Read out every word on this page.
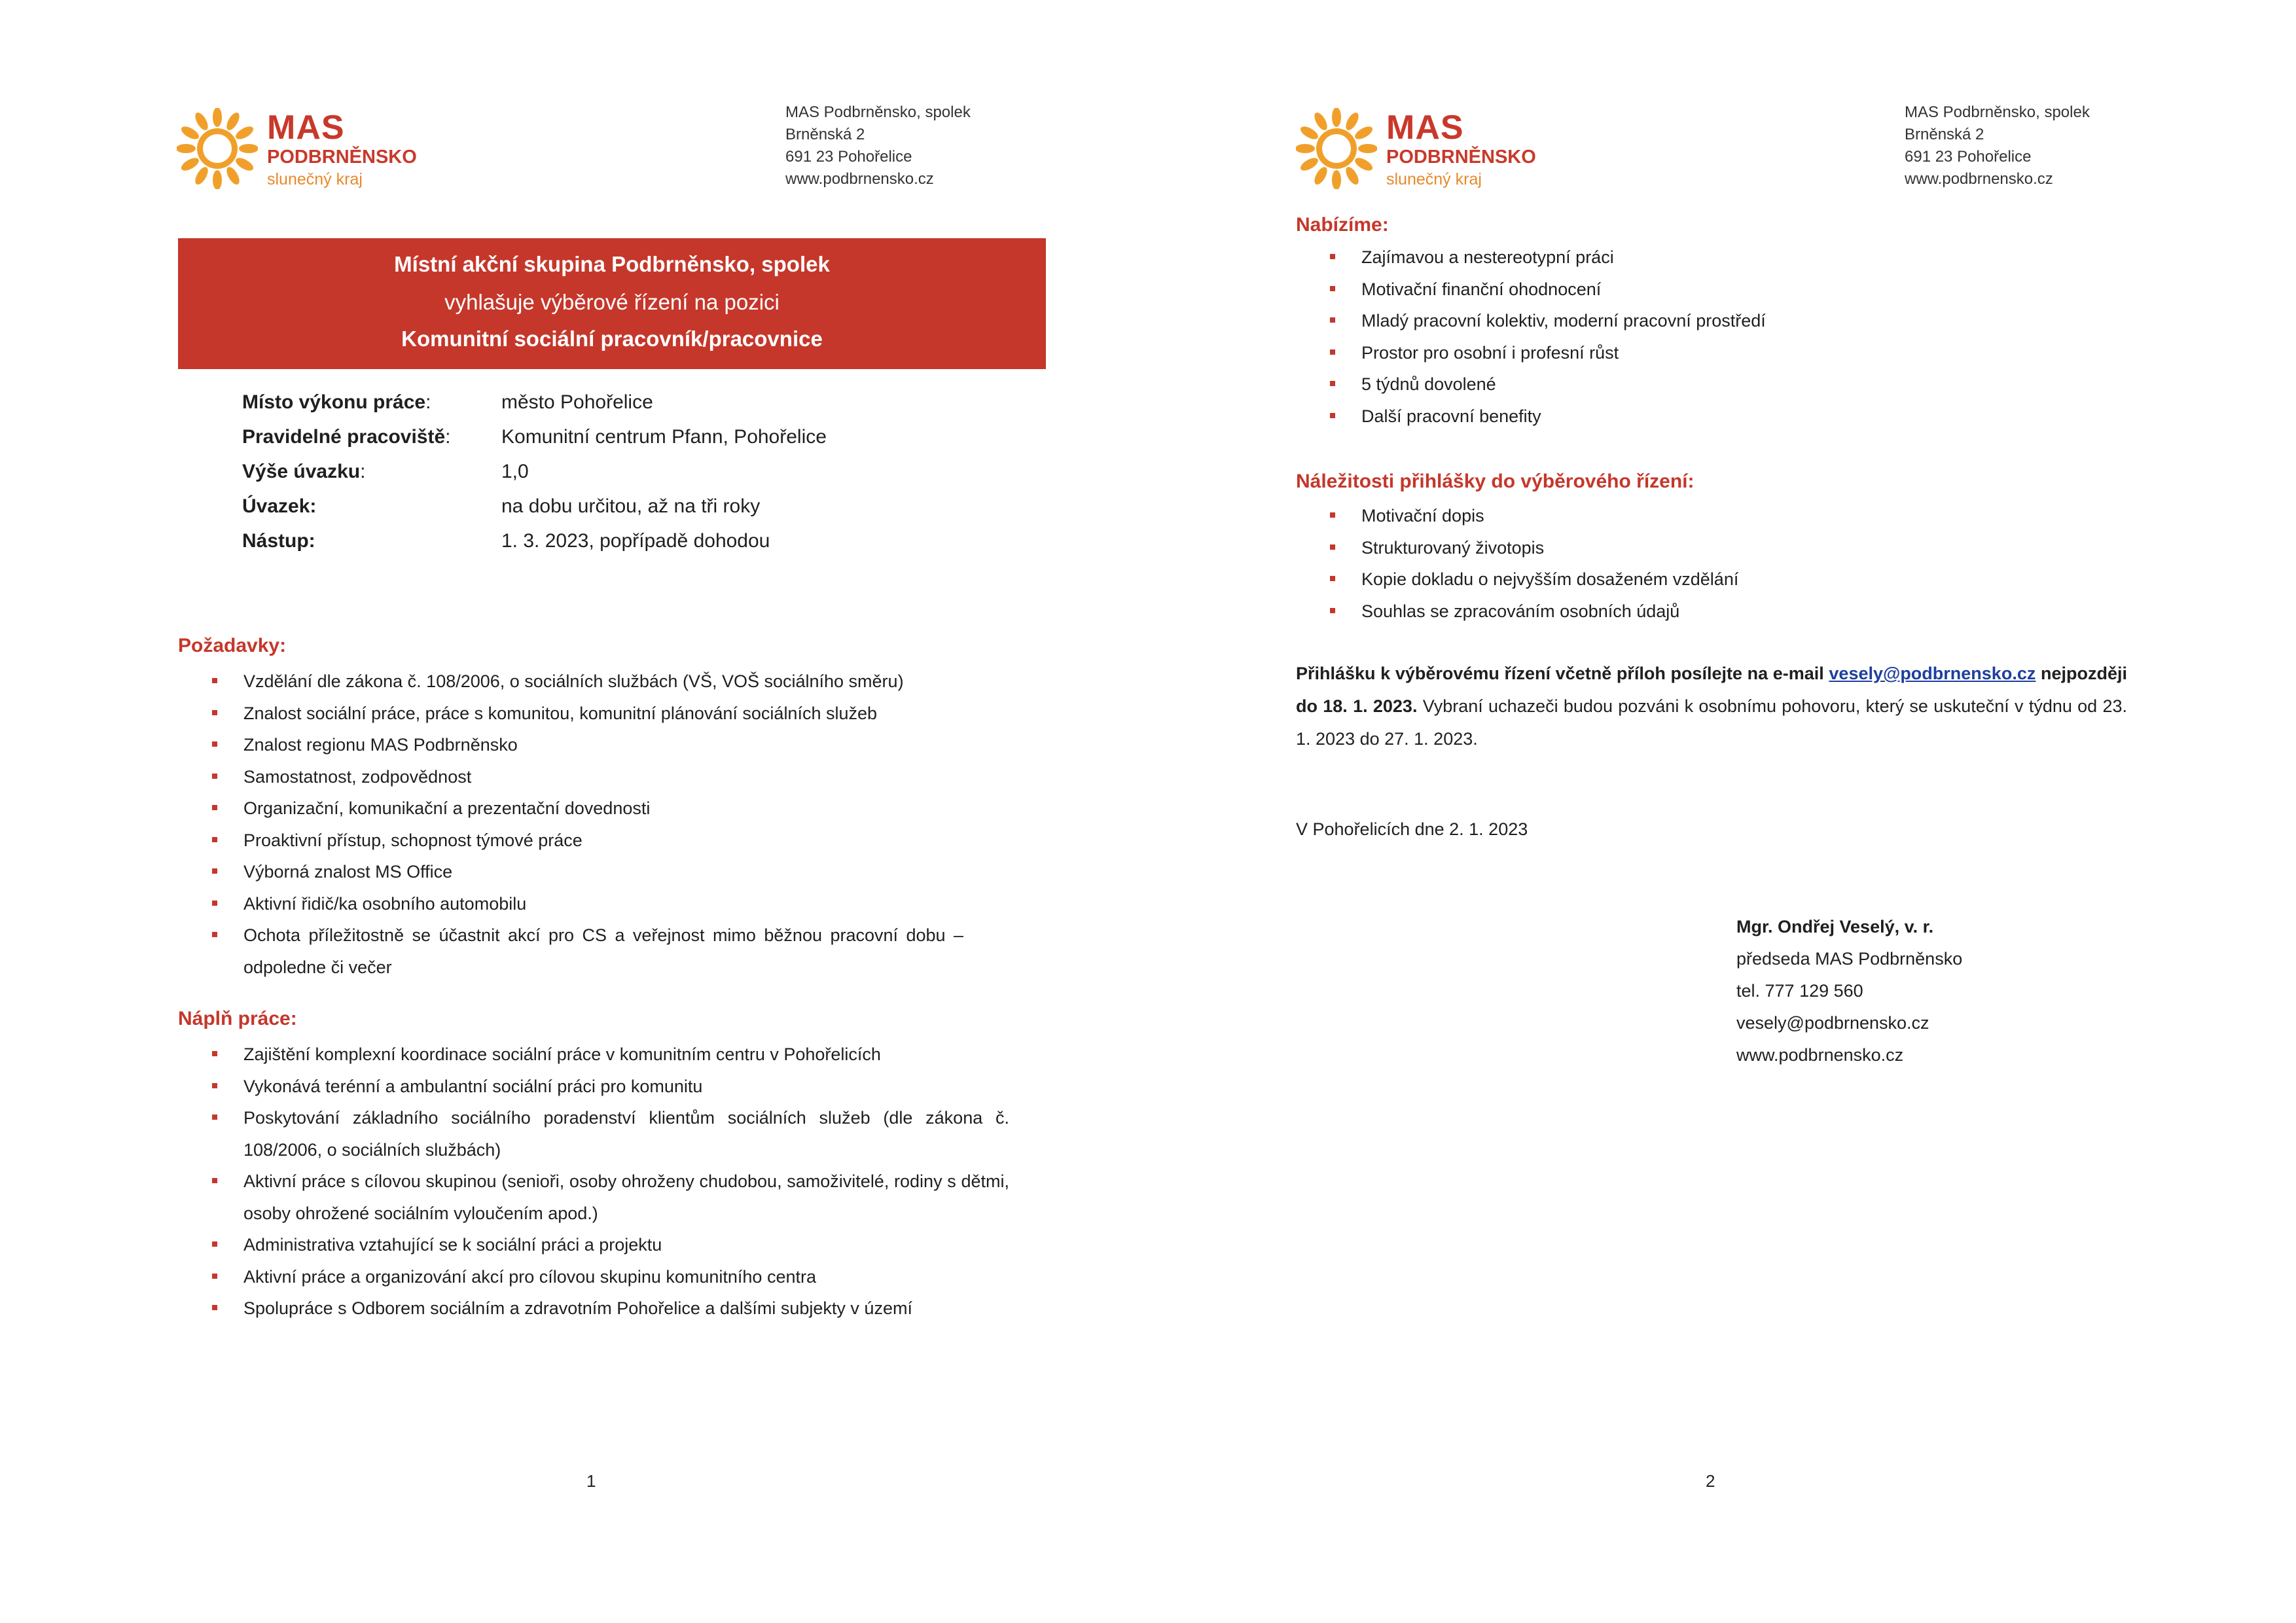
MAS
PODBRNĚNSKO
slunečný kraj
MAS Podbrněnsko, spolek
Brněnská 2
691 23 Pohořelice
www.podbrnensko.cz
Místní akční skupina Podbrněnsko, spolek
vyhlašuje výběrové řízení na pozici
Komunitní sociální pracovník/pracovnice
Místo výkonu práce:	město Pohořelice
Pravidelné pracoviště:	Komunitní centrum Pfann, Pohořelice
Výše úvazku:	1,0
Úvazek:	na dobu určitou, až na tři roky
Nástup:	1. 3. 2023, popřípadě dohodou
Požadavky:
Vzdělání dle zákona č. 108/2006, o sociálních službách (VŠ, VOŠ sociálního směru)
Znalost sociální práce, práce s komunitou, komunitní plánování sociálních služeb
Znalost regionu MAS Podbrněnsko
Samostatnost, zodpovědnost
Organizační, komunikační a prezentační dovednosti
Proaktivní přístup, schopnost týmové práce
Výborná znalost MS Office
Aktivní řidič/ka osobního automobilu
Ochota příležitostně se účastnit akcí pro CS a veřejnost mimo běžnou pracovní dobu – odpoledne či večer
Náplň práce:
Zajištění komplexní koordinace sociální práce v komunitním centru v Pohořelicích
Vykonává terénní a ambulantní sociální práci pro komunitu
Poskytování základního sociálního poradenství klientům sociálních služeb (dle zákona č. 108/2006, o sociálních službách)
Aktivní práce s cílovou skupinou (senioři, osoby ohroženy chudobou, samoživitelé, rodiny s dětmi, osoby ohrožené sociálním vyloučením apod.)
Administrativa vztahující se k sociální práci a projektu
Aktivní práce a organizování akcí pro cílovou skupinu komunitního centra
Spolupráce s Odborem sociálním a zdravotním Pohořelice a dalšími subjekty v území
1
MAS
PODBRNĚNSKO
slunečný kraj
MAS Podbrněnsko, spolek
Brněnská 2
691 23 Pohořelice
www.podbrnensko.cz
Nabízíme:
Zajímavou a nestereotypní práci
Motivační finanční ohodnocení
Mladý pracovní kolektiv, moderní pracovní prostředí
Prostor pro osobní i profesní růst
5 týdnů dovolené
Další pracovní benefity
Náležitosti přihlášky do výběrového řízení:
Motivační dopis
Strukturovaný životopis
Kopie dokladu o nejvyšším dosaženém vzdělání
Souhlas se zpracováním osobních údajů
2
Přihlášku k výběrovému řízení včetně příloh posílejte na e-mail vesely@podbrnensko.cz nejpozději do 18. 1. 2023. Vybraní uchazeči budou pozváni k osobnímu pohovoru, který se uskuteční v týdnu od 23. 1. 2023 do 27. 1. 2023.
V Pohořelicích dne 2. 1. 2023
Mgr. Ondřej Veselý, v. r.
předseda MAS Podbrněnsko
tel. 777 129 560
vesely@podbrnensko.cz
www.podbrnensko.cz
